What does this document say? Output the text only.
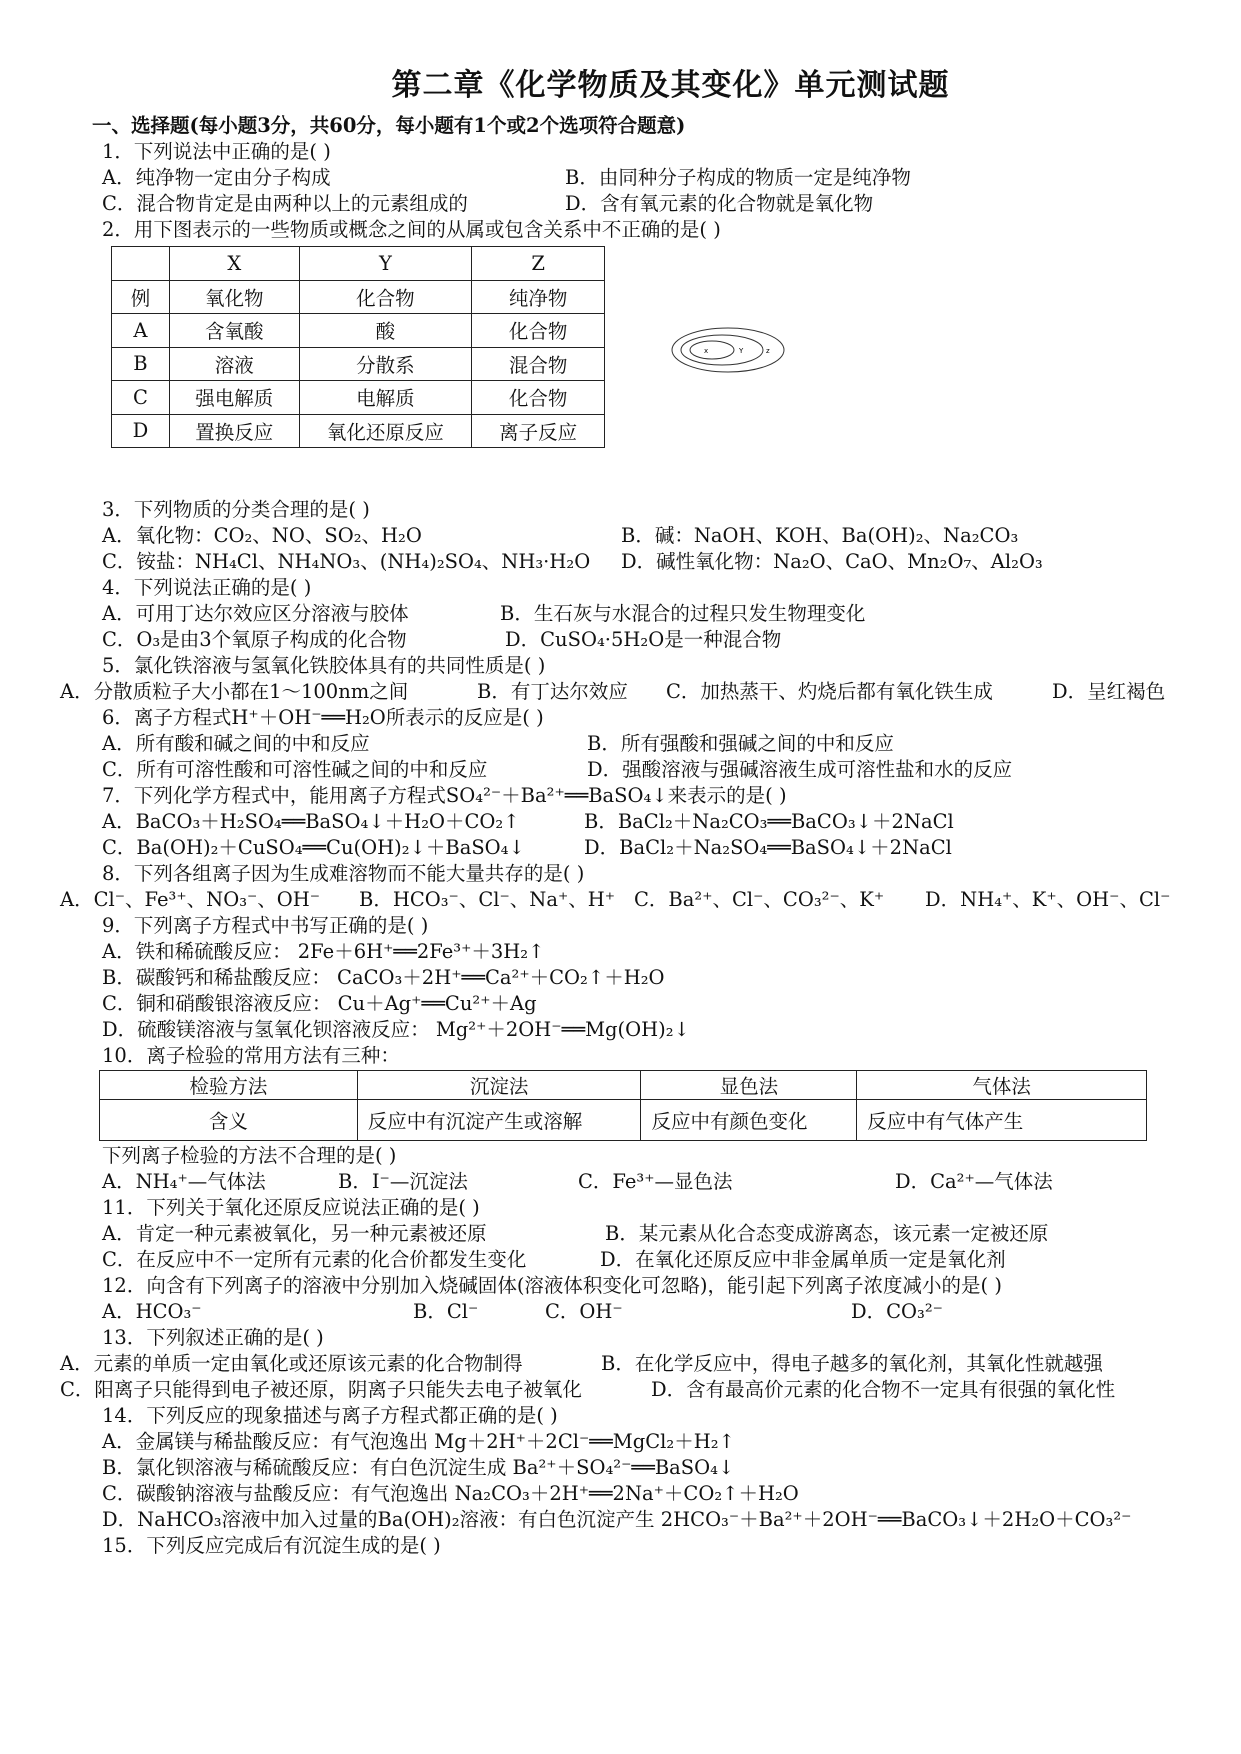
第二章《化学物质及其变化》单元测试题
一、选择题(每小题3分，共60分，每小题有1个或2个选项符合题意)
1．下列说法中正确的是( )
A．纯净物一定由分子构成	B．由同种分子构成的物质一定是纯净物
C．混合物肯定是由两种以上的元素组成的	D．含有氧元素的化合物就是氧化物
2．用下图表示的一些物质或概念之间的从属或包含关系中不正确的是( )
	X	Y	Z
例	氧化物	化合物	纯净物
A	含氧酸	酸	化合物
B	溶液	分散系	混合物
C	强电解质	电解质	化合物
D	置换反应	氧化还原反应	离子反应
x	Y	z
3．下列物质的分类合理的是( )
A．氧化物：CO₂、NO、SO₂、H₂O	B．碱：NaOH、KOH、Ba(OH)₂、Na₂CO₃
C．铵盐：NH₄Cl、NH₄NO₃、(NH₄)₂SO₄、NH₃·H₂O D．碱性氧化物：Na₂O、CaO、Mn₂O₇、Al₂O₃
4．下列说法正确的是( )
A．可用丁达尔效应区分溶液与胶体	B．生石灰与水混合的过程只发生物理变化
C．O₃是由3个氧原子构成的化合物	D．CuSO₄·5H₂O是一种混合物
5．氯化铁溶液与氢氧化铁胶体具有的共同性质是( )
A．分散质粒子大小都在1～100nm之间	B．有丁达尔效应 C．加热蒸干、灼烧后都有氧化铁生成	D．呈红褐色
6．离子方程式H⁺＋OH⁻══H₂O所表示的反应是( )
A．所有酸和碱之间的中和反应	B．所有强酸和强碱之间的中和反应
C．所有可溶性酸和可溶性碱之间的中和反应	D．强酸溶液与强碱溶液生成可溶性盐和水的反应
7．下列化学方程式中，能用离子方程式SO₄²⁻＋Ba²⁺══BaSO₄↓来表示的是( )
A．BaCO₃＋H₂SO₄══BaSO₄↓＋H₂O＋CO₂↑	B．BaCl₂＋Na₂CO₃══BaCO₃↓＋2NaCl
C．Ba(OH)₂＋CuSO₄══Cu(OH)₂↓＋BaSO₄↓	D．BaCl₂＋Na₂SO₄══BaSO₄↓＋2NaCl
8．下列各组离子因为生成难溶物而不能大量共存的是( )
A．Cl⁻、Fe³⁺、NO₃⁻、OH⁻ B．HCO₃⁻、Cl⁻、Na⁺、H⁺ C．Ba²⁺、Cl⁻、CO₃²⁻、K⁺ D．NH₄⁺、K⁺、OH⁻、Cl⁻
9．下列离子方程式中书写正确的是( )
A．铁和稀硫酸反应： 2Fe＋6H⁺══2Fe³⁺＋3H₂↑
B．碳酸钙和稀盐酸反应： CaCO₃＋2H⁺══Ca²⁺＋CO₂↑＋H₂O
C．铜和硝酸银溶液反应： Cu＋Ag⁺══Cu²⁺＋Ag
D．硫酸镁溶液与氢氧化钡溶液反应： Mg²⁺＋2OH⁻══Mg(OH)₂↓
10．离子检验的常用方法有三种：
检验方法	沉淀法	显色法	气体法
含义	反应中有沉淀产生或溶解	反应中有颜色变化	反应中有气体产生
下列离子检验的方法不合理的是( )
A．NH₄⁺—气体法	B．I⁻—沉淀法	C．Fe³⁺—显色法	D．Ca²⁺—气体法
11．下列关于氧化还原反应说法正确的是( )
A．肯定一种元素被氧化，另一种元素被还原	B．某元素从化合态变成游离态，该元素一定被还原
C．在反应中不一定所有元素的化合价都发生变化	D．在氧化还原反应中非金属单质一定是氧化剂
12．向含有下列离子的溶液中分别加入烧碱固体(溶液体积变化可忽略)，能引起下列离子浓度减小的是( )
A．HCO₃⁻	B．Cl⁻	C．OH⁻	D．CO₃²⁻
13．下列叙述正确的是( )
A．元素的单质一定由氧化或还原该元素的化合物制得	B．在化学反应中，得电子越多的氧化剂，其氧化性就越强
C．阳离子只能得到电子被还原，阴离子只能失去电子被氧化	D．含有最高价元素的化合物不一定具有很强的氧化性
14．下列反应的现象描述与离子方程式都正确的是( )
A．金属镁与稀盐酸反应：有气泡逸出 Mg＋2H⁺＋2Cl⁻══MgCl₂＋H₂↑
B．氯化钡溶液与稀硫酸反应：有白色沉淀生成 Ba²⁺＋SO₄²⁻══BaSO₄↓
C．碳酸钠溶液与盐酸反应：有气泡逸出 Na₂CO₃＋2H⁺══2Na⁺＋CO₂↑＋H₂O
D．NaHCO₃溶液中加入过量的Ba(OH)₂溶液：有白色沉淀产生 2HCO₃⁻＋Ba²⁺＋2OH⁻══BaCO₃↓＋2H₂O＋CO₃²⁻
15．下列反应完成后有沉淀生成的是( )
